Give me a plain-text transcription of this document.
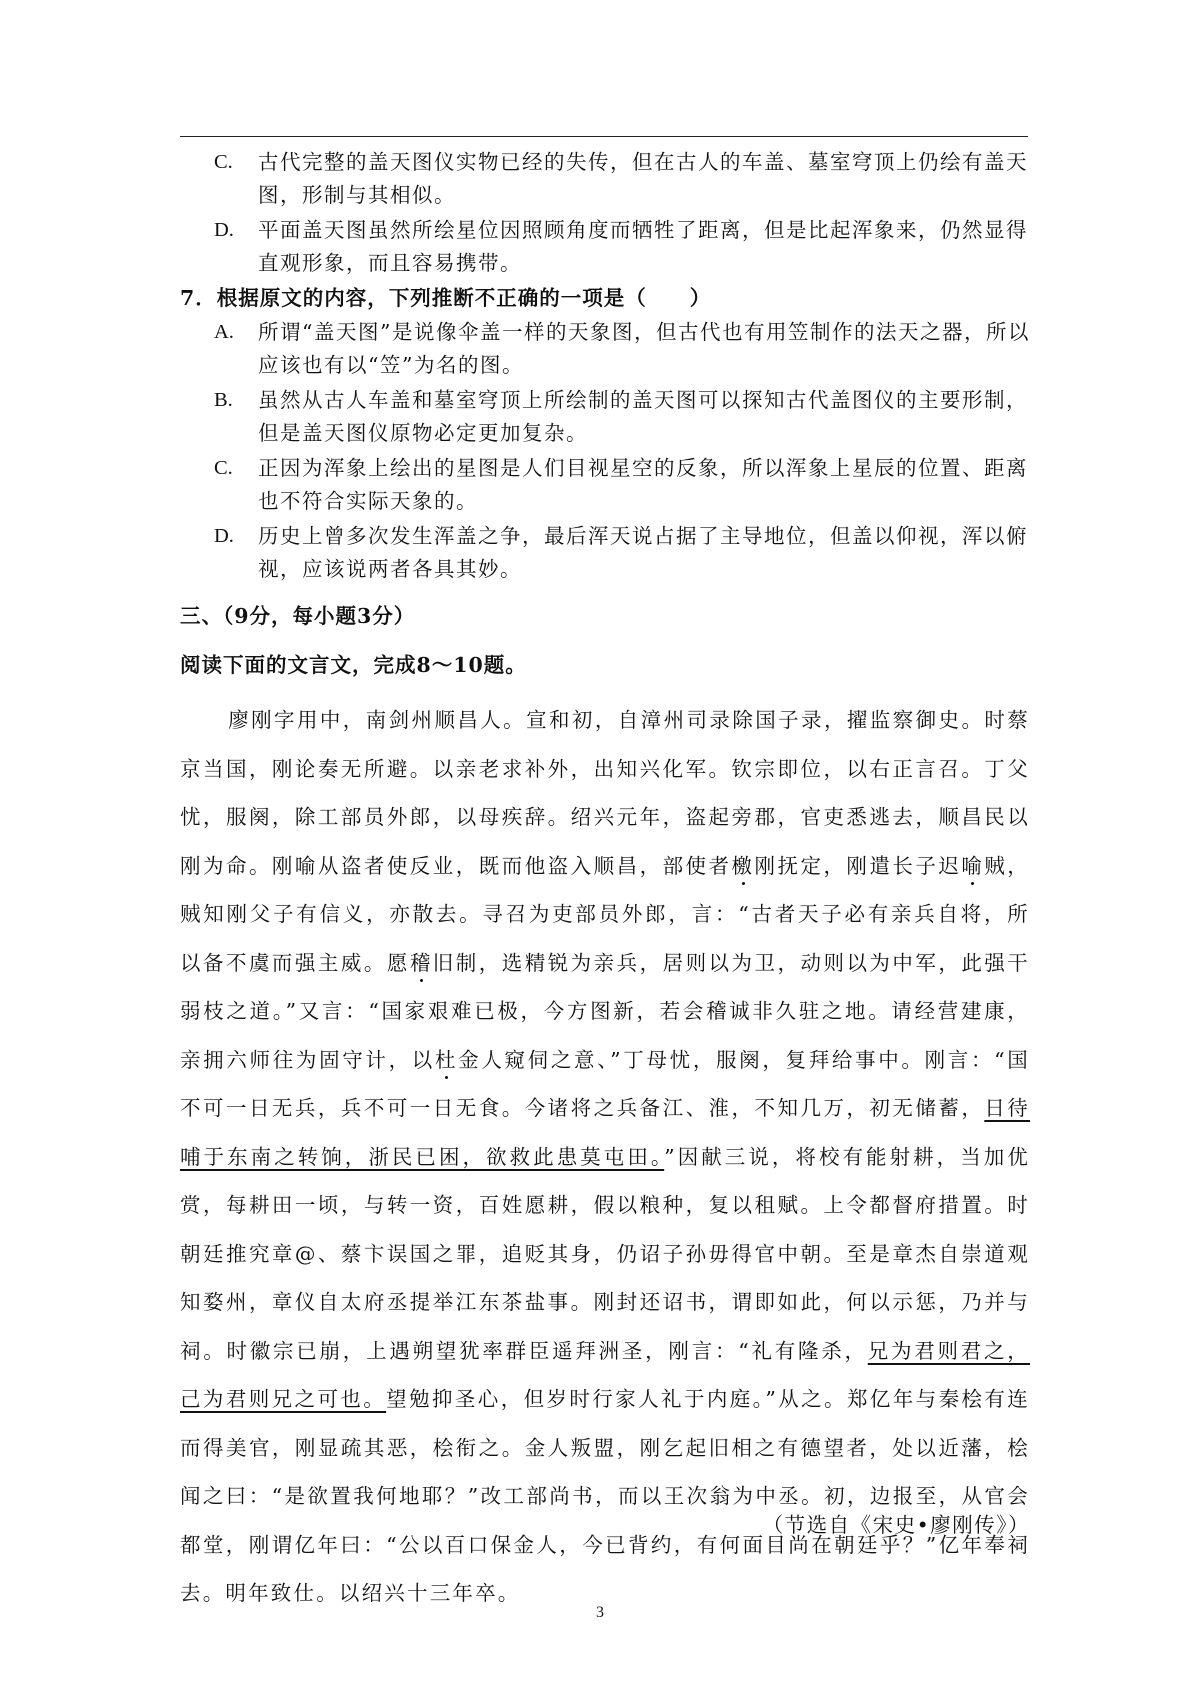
C.	古代完整的盖天图仪实物已经的失传，但在古人的车盖、墓室穹顶上仍绘有盖天图，形制与其相似。
D.	平面盖天图虽然所绘星位因照顾角度而牺牲了距离，但是比起浑象来，仍然显得直观形象，而且容易携带。
7．根据原文的内容，下列推断不正确的一项是（　　）
A.	所谓“盖天图”是说像伞盖一样的天象图，但古代也有用笠制作的法天之器，所以应该也有以“笠”为名的图。
B.	虽然从古人车盖和墓室穹顶上所绘制的盖天图可以探知古代盖图仪的主要形制，但是盖天图仪原物必定更加复杂。
C.	正因为浑象上绘出的星图是人们目视星空的反象，所以浑象上星辰的位置、距离也不符合实际天象的。
D.	历史上曾多次发生浑盖之争，最后浑天说占据了主导地位，但盖以仰视，浑以俯视，应该说两者各具其妙。
三、（9分，每小题3分）
阅读下面的文言文，完成8～10题。
廖刚字用中，南剑州顺昌人。宣和初，自漳州司录除国子录，擢监察御史。时蔡京当国，刚论奏无所避。以亲老求补外，出知兴化军。钦宗即位，以右正言召。丁父忧，服阕，除工部员外郎，以母疾辞。绍兴元年，盗起旁郡，官吏悉逃去，顺昌民以刚为命。刚喻从盗者使反业，既而他盗入顺昌，部使者檄刚抚定，刚遣长子迟喻贼，贼知刚父子有信义，亦散去。寻召为吏部员外郎，言：“古者天子必有亲兵自将，所以备不虞而强主威。愿稽旧制，选精锐为亲兵，居则以为卫，动则以为中军，此强干弱枝之道。”又言：“国家艰难已极，今方图新，若会稽诚非久驻之地。请经营建康，亲拥六师往为固守计，以杜金人窥伺之意、”丁母忧，服阕，复拜给事中。刚言：“国不可一日无兵，兵不可一日无食。今诸将之兵备江、淮，不知几万，初无储蓄，日待哺于东南之转饷，浙民已困，欲救此患莫屯田。”因献三说，将校有能射耕，当加优赏，每耕田一顷，与转一资，百姓愿耕，假以粮种，复以租赋。上令都督府措置。时朝廷推究章@、蔡卞误国之罪，追贬其身，仍诏子孙毋得官中朝。至是章杰自崇道观知婺州，章仪自太府丞提举江东茶盐事。刚封还诏书，谓即如此，何以示惩，乃并与祠。时徽宗已崩，上遇朔望犹率群臣遥拜洲圣，刚言：“礼有隆杀，兄为君则君之，己为君则兄之可也。望勉抑圣心，但岁时行家人礼于内庭。”从之。郑亿年与秦桧有连而得美官，刚显疏其恶，桧衔之。金人叛盟，刚乞起旧相之有德望者，处以近藩，桧闻之曰：“是欲置我何地耶？”改工部尚书，而以王次翁为中丞。初，边报至，从官会都堂，刚谓亿年曰：“公以百口保金人，今已背约，有何面目尚在朝廷乎？”亿年奉祠去。明年致仕。以绍兴十三年卒。
（节选自《宋史•廖刚传》）
3
